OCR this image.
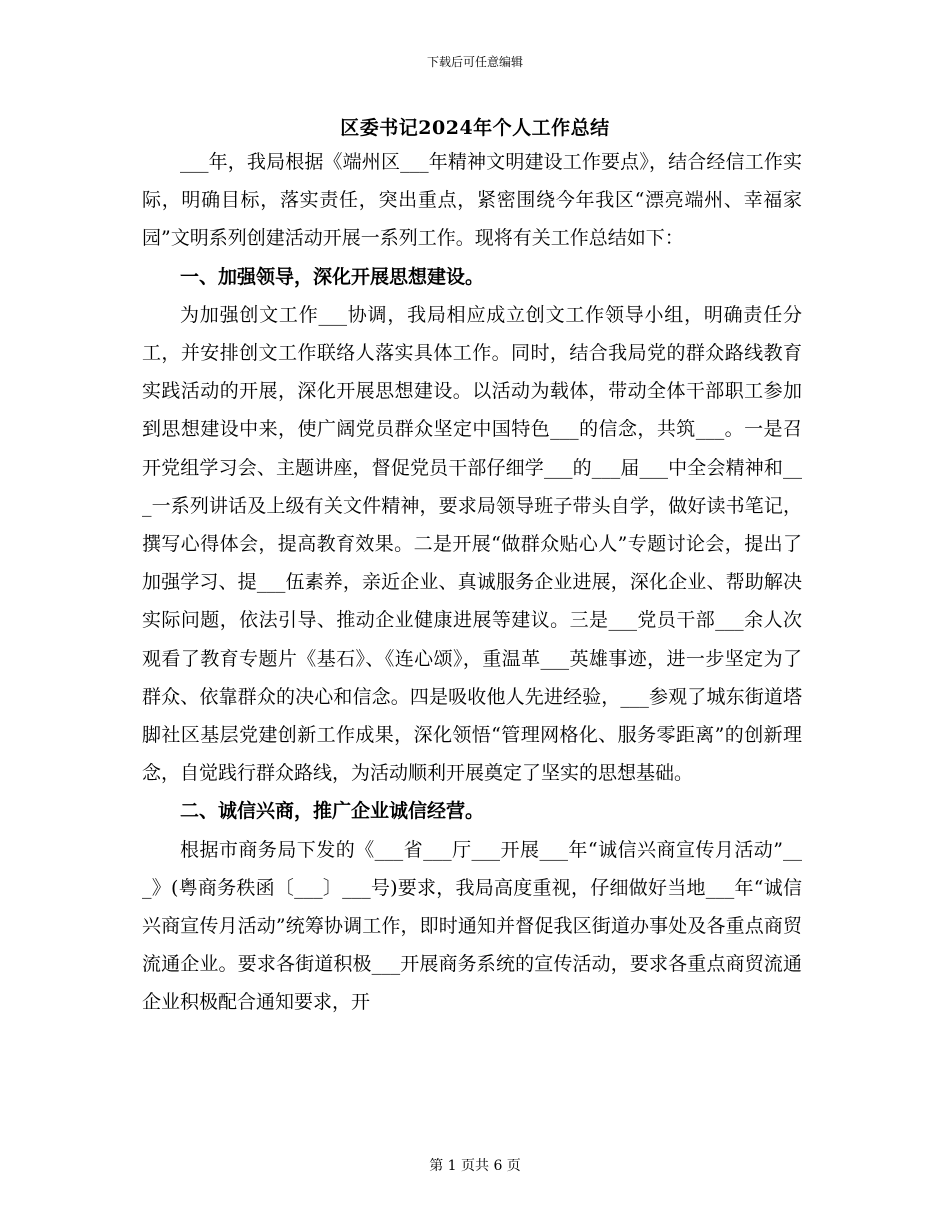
下载后可任意编辑
区委书记2024年个人工作总结

___年，我局根据《端州区___年精神文明建设工作要点》，结合经信工作实际，明确目标，落实责任，突出重点，紧密围绕今年我区“漂亮端州、幸福家园”文明系列创建活动开展一系列工作。现将有关工作总结如下：

一、加强领导，深化开展思想建设。

为加强创文工作___协调，我局相应成立创文工作领导小组，明确责任分工，并安排创文工作联络人落实具体工作。同时，结合我局党的群众路线教育实践活动的开展，深化开展思想建设。以活动为载体，带动全体干部职工参加到思想建设中来，使广阔党员群众坚定中国特色___的信念，共筑___。一是召开党组学习会、主题讲座，督促党员干部仔细学___的___届___中全会精神和___一系列讲话及上级有关文件精神，要求局领导班子带头自学，做好读书笔记，撰写心得体会，提高教育效果。二是开展“做群众贴心人”专题讨论会，提出了加强学习、提___伍素养，亲近企业、真诚服务企业进展，深化企业、帮助解决实际问题，依法引导、推动企业健康进展等建议。三是___党员干部___余人次观看了教育专题片《基石》、《连心颂》，重温革___英雄事迹，进一步坚定为了群众、依靠群众的决心和信念。四是吸收他人先进经验，___参观了城东街道塔脚社区基层党建创新工作成果，深化领悟“管理网格化、服务零距离”的创新理念，自觉践行群众路线，为活动顺利开展奠定了坚实的思想基础。

二、诚信兴商，推广企业诚信经营。

根据市商务局下发的《___省___厅___开展___年“诚信兴商宣传月活动”___》(粤商务秩函〔___〕___号)要求，我局高度重视，仔细做好当地___年“诚信兴商宣传月活动”统筹协调工作，即时通知并督促我区街道办事处及各重点商贸流通企业。要求各街道积极___开展商务系统的宣传活动，要求各重点商贸流通企业积极配合通知要求，开

第 1 页共 6 页
